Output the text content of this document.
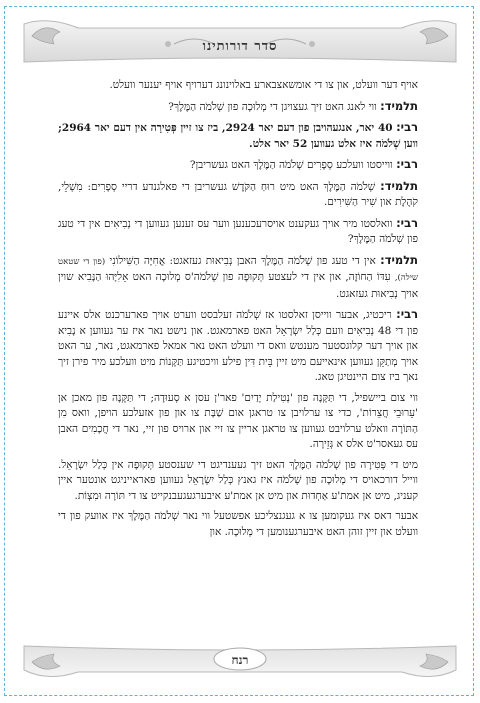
סדר דורותינו

אויף דער וועלט, און צו די אומשאצבארע באלוינונג דערויף אויף יענער וועלט.

תלמיד: ווי לאנג האט זיך געצויגן די מְלוּכָה פון שְׁלֹמֹה הַמֶּלֶךְ?

רבי: 40 יאר, אנגעהויבן פון דעם יאר 2924, ביז צו זיין פְּטִירָה אין דעם יאר 2964; ווען שְׁלֹמֹה איז אלט געווען 52 יאר אלט.

רבי: ווייסטו וועלכע סְפָרִים שְׁלֹמֹה הַמֶּלֶךְ האט געשריבן?

תלמיד: שְׁלֹמֹה הַמֶּלֶךְ האט מיט רוּחַ הַקֹּדֶשׁ געשריבן די פאלגנדע דריי סְפָרִים: מִשְׁלֵי, קֹהֶלֶת און שִׁיר הַשִּׁירִים.

רבי: וואלסטו מיר אויך געקענט אויסרעכענען ווער עס זענען געווען די נְבִיאִים אין די טעג פון שְׁלֹמֹה הַמֶּלֶךְ?

תלמיד: אין די טעג פון שְׁלֹמֹה הַמֶּלֶךְ האבן נְבִיאוּת געזאגט: אֲחִיָּה הַשִּׁילוֹנִי (פון די שטאט שילה), עִדּוֹ הַחוֹזֶה, און אין די לעצטע תְּקוּפָה פון שְׁלֹמֹה'ס מְלוּכָה האט אֵלִיָּהוּ הַנָּבִיא שוין אויך נְבִיאוּת געזאגט.

רבי: ריכטיג, אבער ווייסן זאלסטו אז שְׁלֹמֹה זעלבסט ווערט אויך פארערכנט אלס איינע פון די 48 נְבִיאִים וועם כְּלַל יִשְׂרָאֵל האט פארמאגט. און נישט נאר איז ער געווען א נָבִיא און אויך דער קלוגסטער מענטש וואס די וועלט האט נאר אמאל פארמאגט, נאר, ער האט אויך מְתַקֵּן געווען אינאייעם מיט זיין בֵּית דִּין פילע וויכטיגע תַּקָּנוֹת מיט וועלכע מיר פירן זיך נאך ביז צום היינטיגן טאג.

ווי צום ביישפיל, די תַּקָּנָה פון 'נְטִילַת יָדַיִם' פאר'ן עסן א סְעוּדָה; די תַּקָּנָה פון מאכן אן 'עֵרוּבֵי חֲצֵרוֹת', כדי צו ערלויבן צו טראגן אום שַׁבָּת צו און פון אזעלכע הויפן, וואס מִן הַתּוֹרָה וואלט ערלויבט געווען צו טראגן אריין צו זיי און ארויס פון זיי, נאר די חֲכָמִים האבן עס געאסר'ט אלס א גְּזֵירָה.

מיט די פְּטִירָה פון שְׁלֹמֹה הַמֶּלֶךְ האט זיך געענדיגט די שענסטע תְּקוּפָה אין כְּלַל יִשְׂרָאֵל. ווייל דורכאויס די מְלוּכָה פון שְׁלֹמֹה איז גאנץ כְּלַל יִשְׂרָאֵל געווען פאראייניגט אונטער איין קעניג, מיט אן אמת'ע אַחְדוּת און מיט אן אמת'ע איבערגעגעבנקייט צו די תּוֹרָה וּמִצְוֹת.

אבער דאס איז געקומען צו א געגנצליכע אפשטעל ווי נאר שְׁלֹמֹה הַמֶּלֶךְ איז אוועק פון די וועלט און זיין זוהן האט איבערגענומען די מְלוּכָה. און

רנח
